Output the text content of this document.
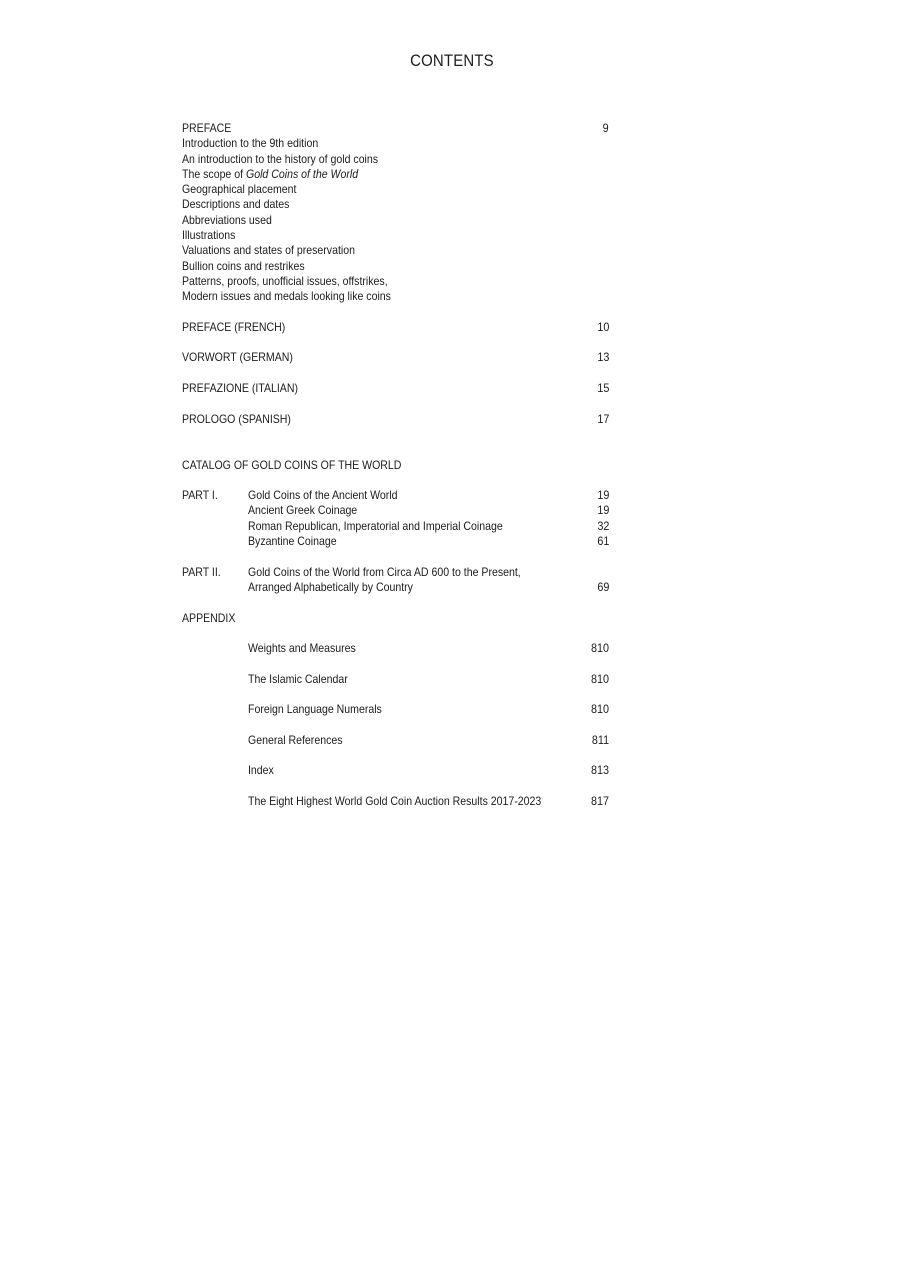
CONTENTS
PREFACE	9
Introduction to the 9th edition
An introduction to the history of gold coins
The scope of Gold Coins of the World
Geographical placement
Descriptions and dates
Abbreviations used
Illustrations
Valuations and states of preservation
Bullion coins and restrikes
Patterns, proofs, unofficial issues, offstrikes,
Modern issues and medals looking like coins
PREFACE (FRENCH)	10
VORWORT (GERMAN)	13
PREFAZIONE (ITALIAN)	15
PROLOGO (SPANISH)	17
CATALOG OF GOLD COINS OF THE WORLD
PART I.	Gold Coins of the Ancient World	19
Ancient Greek Coinage	19
Roman Republican, Imperatorial and Imperial Coinage	32
Byzantine Coinage	61
PART II. Gold Coins of the World from Circa AD 600 to the Present,
Arranged Alphabetically by Country	69
APPENDIX
Weights and Measures	810
The Islamic Calendar	810
Foreign Language Numerals	810
General References	811
Index	813
The Eight Highest World Gold Coin Auction Results 2017-2023	817
